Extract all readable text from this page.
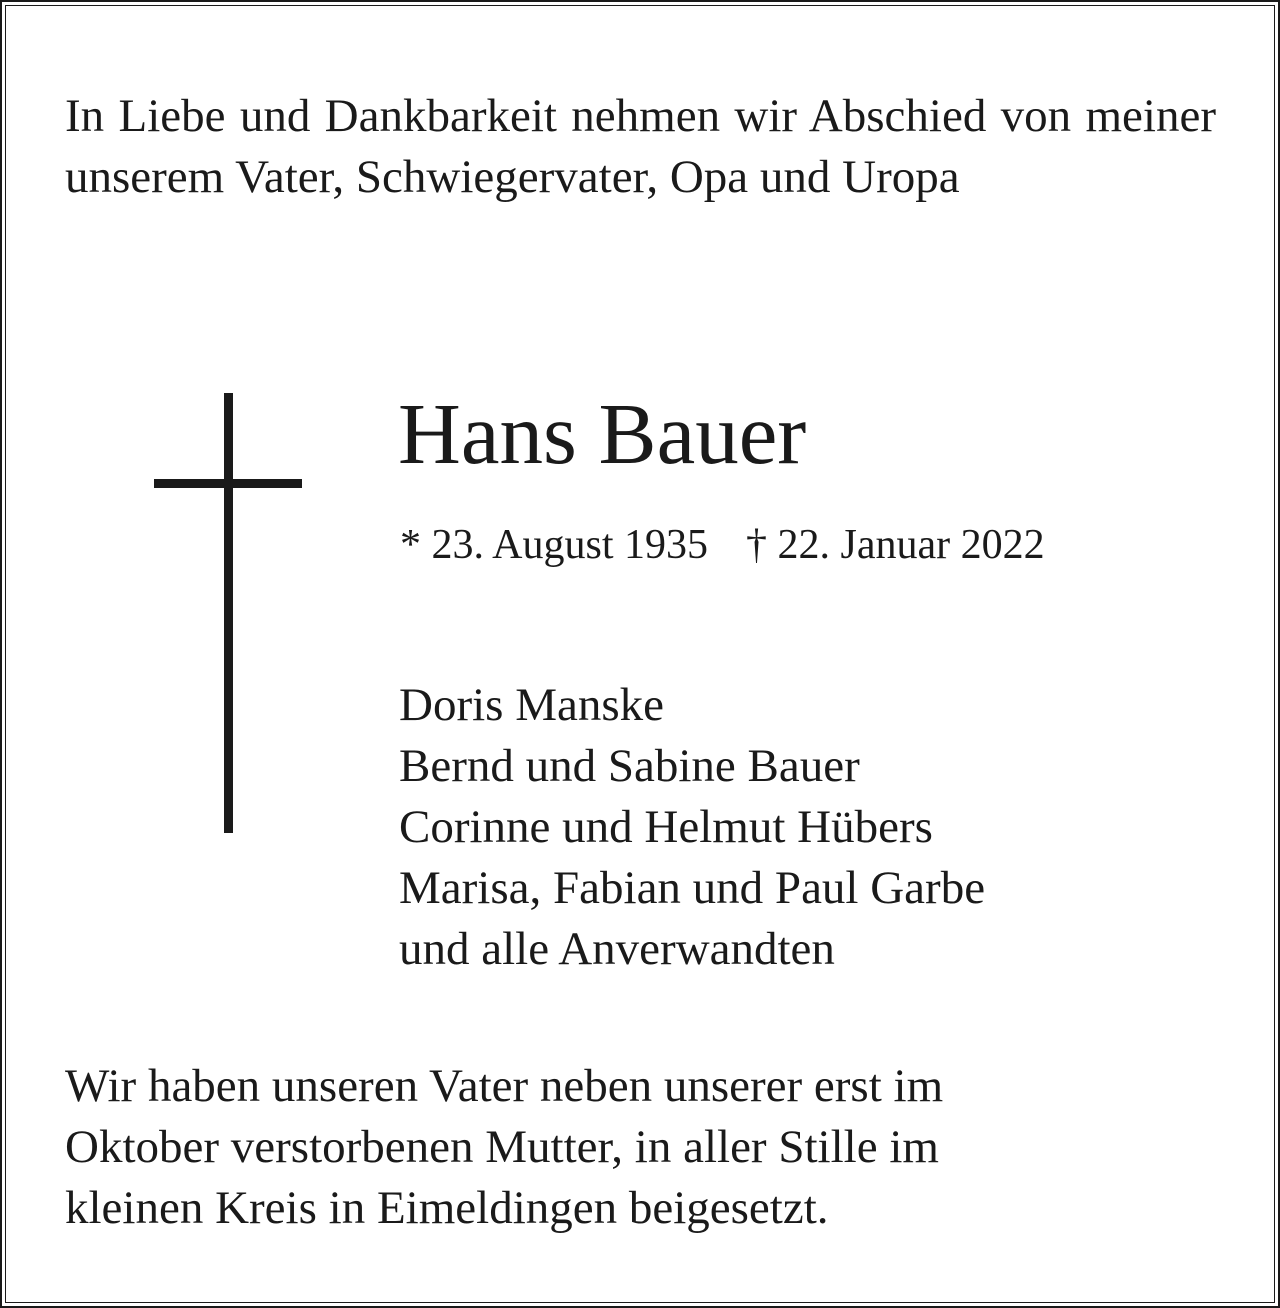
In Liebe und Dankbarkeit nehmen wir Abschied von meiner unserem Vater, Schwiegervater, Opa und Uropa

Hans Bauer
* 23. August 1935 † 22. Januar 2022
Doris Manske
Bernd und Sabine Bauer
Corinne und Helmut Hübers
Marisa, Fabian und Paul Garbe
und alle Anverwandten

Wir haben unseren Vater neben unserer erst im
Oktober verstorbenen Mutter, in aller Stille im
kleinen Kreis in Eimeldingen beigesetzt.
